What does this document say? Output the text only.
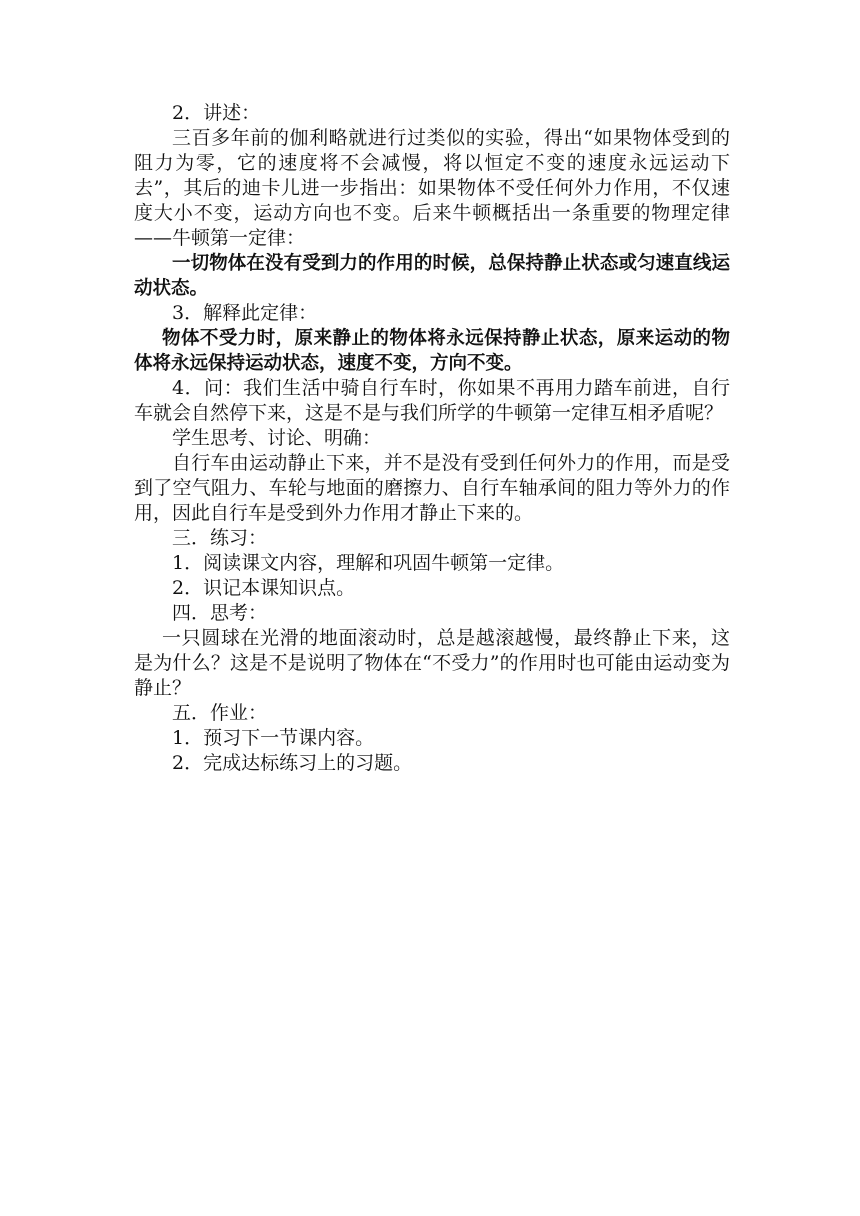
2．讲述：

三百多年前的伽利略就进行过类似的实验，得出“如果物体受到的阻力为零，它的速度将不会减慢，将以恒定不变的速度永远运动下去”，其后的迪卡儿进一步指出：如果物体不受任何外力作用，不仅速度大小不变，运动方向也不变。后来牛顿概括出一条重要的物理定律——牛顿第一定律：

一切物体在没有受到力的作用的时候，总保持静止状态或匀速直线运动状态。

3．解释此定律：

物体不受力时，原来静止的物体将永远保持静止状态，原来运动的物体将永远保持运动状态，速度不变，方向不变。

4．问：我们生活中骑自行车时，你如果不再用力踏车前进，自行车就会自然停下来，这是不是与我们所学的牛顿第一定律互相矛盾呢？

学生思考、讨论、明确：

自行车由运动静止下来，并不是没有受到任何外力的作用，而是受到了空气阻力、车轮与地面的磨擦力、自行车轴承间的阻力等外力的作用，因此自行车是受到外力作用才静止下来的。

三．练习：

1．阅读课文内容，理解和巩固牛顿第一定律。

2．识记本课知识点。

四．思考：

一只圆球在光滑的地面滚动时，总是越滚越慢，最终静止下来，这是为什么？这是不是说明了物体在“不受力”的作用时也可能由运动变为静止？

五．作业：

1．预习下一节课内容。

2．完成达标练习上的习题。
